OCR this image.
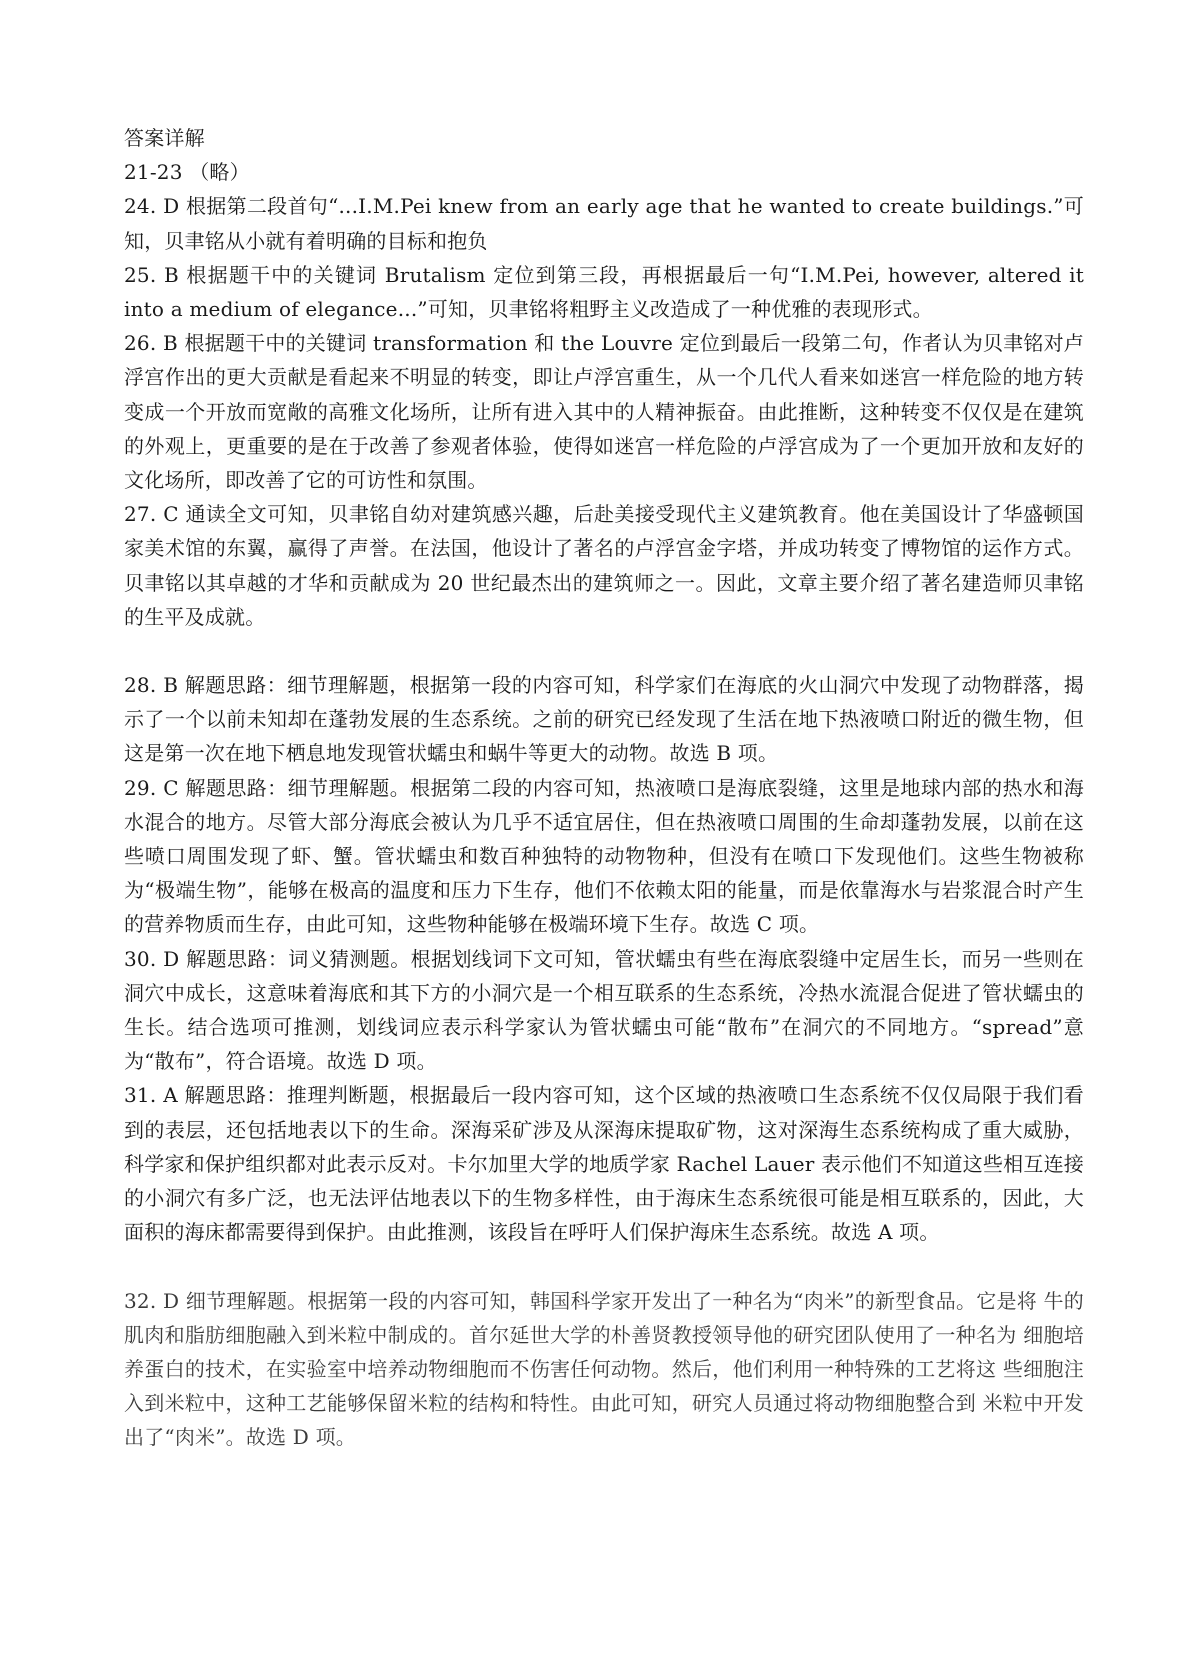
答案详解

21-23 （略）

24. D 根据第二段首句“...I.M.Pei knew from an early age that he wanted to create buildings.”可知，贝聿铭从小就有着明确的目标和抱负

25. B 根据题干中的关键词 Brutalism 定位到第三段，再根据最后一句“I.M.Pei, however, altered it into a medium of elegance...”可知，贝聿铭将粗野主义改造成了一种优雅的表现形式。

26. B 根据题干中的关键词 transformation 和 the Louvre 定位到最后一段第二句，作者认为贝聿铭对卢浮宫作出的更大贡献是看起来不明显的转变，即让卢浮宫重生，从一个几代人看来如迷宫一样危险的地方转变成一个开放而宽敞的高雅文化场所，让所有进入其中的人精神振奋。由此推断，这种转变不仅仅是在建筑的外观上，更重要的是在于改善了参观者体验，使得如迷宫一样危险的卢浮宫成为了一个更加开放和友好的文化场所，即改善了它的可访性和氛围。

27. C 通读全文可知，贝聿铭自幼对建筑感兴趣，后赴美接受现代主义建筑教育。他在美国设计了华盛顿国家美术馆的东翼，赢得了声誉。在法国，他设计了著名的卢浮宫金字塔，并成功转变了博物馆的运作方式。贝聿铭以其卓越的才华和贡献成为 20 世纪最杰出的建筑师之一。因此，文章主要介绍了著名建造师贝聿铭的生平及成就。

28. B 解题思路：细节理解题，根据第一段的内容可知，科学家们在海底的火山洞穴中发现了动物群落，揭示了一个以前未知却在蓬勃发展的生态系统。之前的研究已经发现了生活在地下热液喷口附近的微生物，但这是第一次在地下栖息地发现管状蠕虫和蜗牛等更大的动物。故选 B 项。

29. C 解题思路：细节理解题。根据第二段的内容可知，热液喷口是海底裂缝，这里是地球内部的热水和海水混合的地方。尽管大部分海底会被认为几乎不适宜居住，但在热液喷口周围的生命却蓬勃发展，以前在这些喷口周围发现了虾、蟹。管状蠕虫和数百种独特的动物物种，但没有在喷口下发现他们。这些生物被称为“极端生物”，能够在极高的温度和压力下生存，他们不依赖太阳的能量，而是依靠海水与岩浆混合时产生的营养物质而生存，由此可知，这些物种能够在极端环境下生存。故选 C 项。

30. D 解题思路：词义猜测题。根据划线词下文可知，管状蠕虫有些在海底裂缝中定居生长，而另一些则在洞穴中成长，这意味着海底和其下方的小洞穴是一个相互联系的生态系统，冷热水流混合促进了管状蠕虫的生长。结合选项可推测，划线词应表示科学家认为管状蠕虫可能“散布”在洞穴的不同地方。“spread”意为“散布”，符合语境。故选 D 项。

31. A 解题思路：推理判断题，根据最后一段内容可知，这个区域的热液喷口生态系统不仅仅局限于我们看到的表层，还包括地表以下的生命。深海采矿涉及从深海床提取矿物，这对深海生态系统构成了重大威胁，科学家和保护组织都对此表示反对。卡尔加里大学的地质学家 Rachel Lauer 表示他们不知道这些相互连接的小洞穴有多广泛，也无法评估地表以下的生物多样性，由于海床生态系统很可能是相互联系的，因此，大面积的海床都需要得到保护。由此推测，该段旨在呼吁人们保护海床生态系统。故选 A 项。

32. D 细节理解题。根据第一段的内容可知，韩国科学家开发出了一种名为“肉米”的新型食品。它是将 牛的肌肉和脂肪细胞融入到米粒中制成的。首尔延世大学的朴善贤教授领导他的研究团队使用了一种名为 细胞培养蛋白的技术，在实验室中培养动物细胞而不伤害任何动物。然后，他们利用一种特殊的工艺将这 些细胞注入到米粒中，这种工艺能够保留米粒的结构和特性。由此可知，研究人员通过将动物细胞整合到 米粒中开发出了“肉米”。故选 D 项。
